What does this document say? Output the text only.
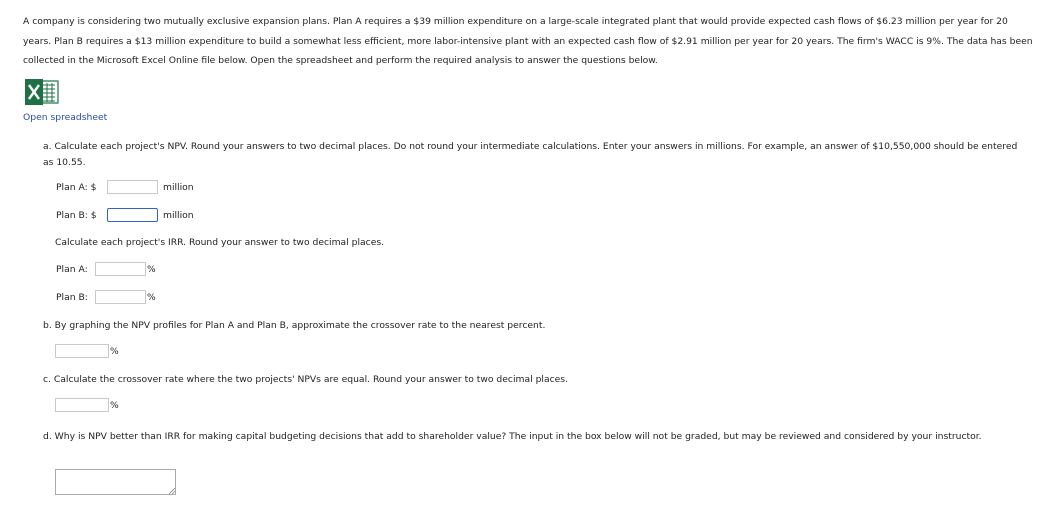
A company is considering two mutually exclusive expansion plans. Plan A requires a $39 million expenditure on a large-scale integrated plant that would provide expected cash flows of $6.23 million per year for 20 years. Plan B requires a $13 million expenditure to build a somewhat less efficient, more labor-intensive plant with an expected cash flow of $2.91 million per year for 20 years. The firm's WACC is 9%. The data has been collected in the Microsoft Excel Online file below. Open the spreadsheet and perform the required analysis to answer the questions below.

Open spreadsheet

a. Calculate each project's NPV. Round your answers to two decimal places. Do not round your intermediate calculations. Enter your answers in millions. For example, an answer of $10,550,000 should be entered as 10.55.

Plan A: $	million
Plan B: $	million

Calculate each project's IRR. Round your answer to two decimal places.

Plan A:	%
Plan B:	%

b. By graphing the NPV profiles for Plan A and Plan B, approximate the crossover rate to the nearest percent.

%

c. Calculate the crossover rate where the two projects' NPVs are equal. Round your answer to two decimal places.

%

d. Why is NPV better than IRR for making capital budgeting decisions that add to shareholder value? The input in the box below will not be graded, but may be reviewed and considered by your instructor.
